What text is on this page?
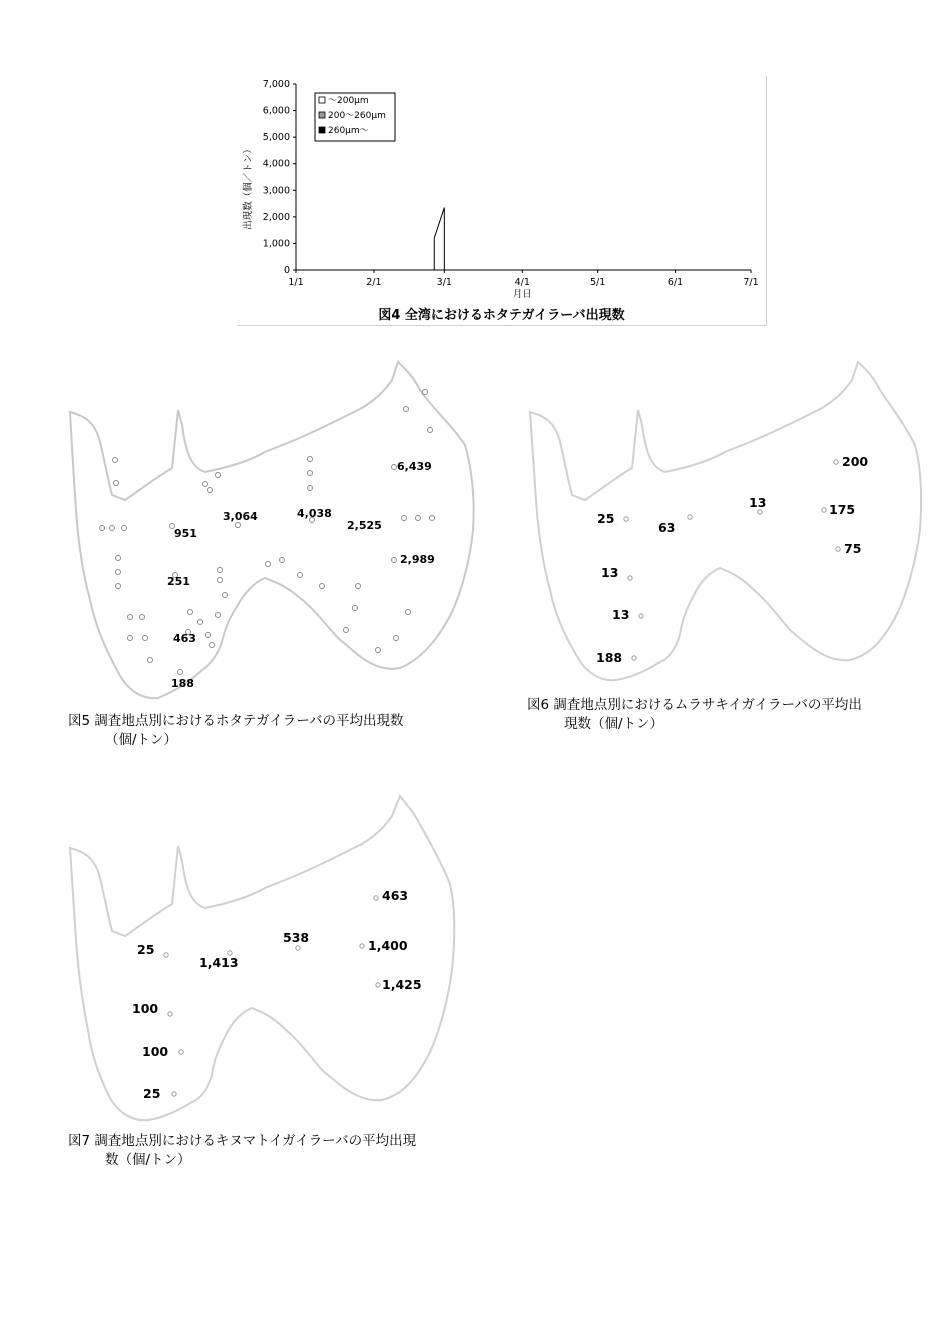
0
1,000
2,000
3,000
4,000
5,000
6,000
7,000
1/1	2/1	3/1	4/1	5/1	6/1	7/1
月日
出現数（個／トン）
～200μm
200～260μm
260μm～
図4 全湾におけるホタテガイラーバ出現数
6,439
3,064	4,038
2,525
951
2,989
251
463
188
図5 調査地点別におけるホタテガイラーバの平均出現数
（個/トン）
200
13	175
25
63
75
13
13
188
図6 調査地点別におけるムラサキイガイラーバの平均出
現数（個/トン）
463
538
1,400
25
1,413
1,425
100
100
25
図7 調査地点別におけるキヌマトイガイラーバの平均出現
数（個/トン）
